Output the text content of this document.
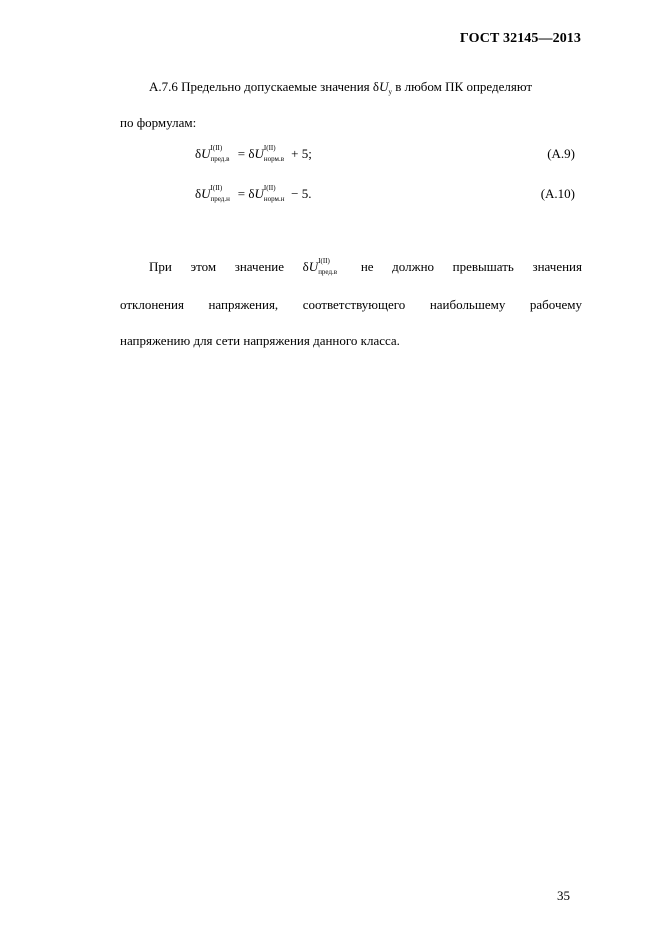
ГОСТ 32145—2013
А.7.6 Предельно допускаемые значения $\delta U_у$ в любом ПК определяют
по формулам:
δU I(II)
пред.в = δU I(II)
норм.в + 5;	(А.9)
δU I(II)
пред.н = δU I(II)
норм.н − 5.	(А.10)
При этом значение δU I(II)
пред.в не должно превышать значения
отклонения напряжения, соответствующего наибольшему рабочему
напряжению для сети напряжения данного класса.
35
